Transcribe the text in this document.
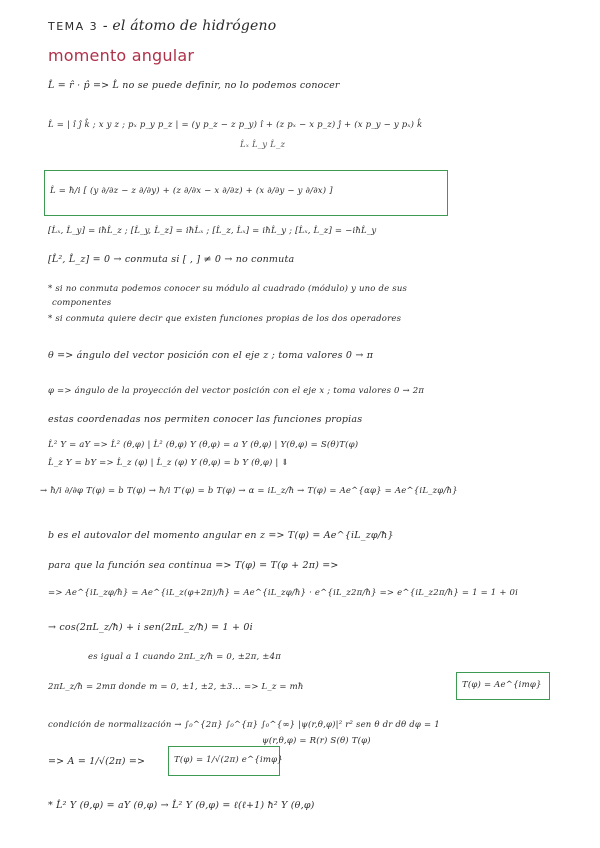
TEMA 3 - el átomo de hidrógeno
momento angular
L̂ = r̂ · p̂ => L̂ no se puede definir, no lo podemos conocer
L̂ = | î ĵ k̂ ; x y z ; pₓ p_y p_z | = (y p_z − z p_y) î + (z pₓ − x p_z) ĵ + (x p_y − y pₓ) k̂
L̂ₓ L̂_y L̂_z
L̂ = ħ/i [ (y ∂/∂z − z ∂/∂y) + (z ∂/∂x − x ∂/∂z) + (x ∂/∂y − y ∂/∂x) ]
[L̂ₓ, L̂_y] = iħL̂_z ; [L̂_y, L̂_z] = iħL̂ₓ ; [L̂_z, L̂ₓ] = iħL̂_y ; [L̂ₓ, L̂_z] = −iħL̂_y
[L̂², L̂_z] = 0 → conmuta si [ , ] ≠ 0 → no conmuta
* si no conmuta podemos conocer su módulo al cuadrado (módulo) y uno de sus
componentes
* si conmuta quiere decir que existen funciones propias de los dos operadores
θ => ángulo del vector posición con el eje z ; toma valores 0 → π
φ => ángulo de la proyección del vector posición con el eje x ; toma valores 0 → 2π
estas coordenadas nos permiten conocer las funciones propias
L̂² Y = aY => L̂² (θ,φ) | L̂² (θ,φ) Y (θ,φ) = a Y (θ,φ) | Y(θ,φ) = S(θ)T(φ)
L̂_z Y = bY => L̂_z (φ) | L̂_z (φ) Y (θ,φ) = b Y (θ,φ) | ⇓
→ ħ/i ∂/∂φ T(φ) = b T(φ) → ħ/i T′(φ) = b T(φ) → α = iL_z/ħ → T(φ) = Ae^{αφ} = Ae^{iL_zφ/ħ}
b es el autovalor del momento angular en z => T(φ) = Ae^{iL_zφ/ħ}
para que la función sea continua => T(φ) = T(φ + 2π) =>
=> Ae^{iL_zφ/ħ} = Ae^{iL_z(φ+2π)/ħ} = Ae^{iL_zφ/ħ} · e^{iL_z2π/ħ} => e^{iL_z2π/ħ} = 1 = 1 + 0i
→ cos(2πL_z/ħ) + i sen(2πL_z/ħ) = 1 + 0i
es igual a 1 cuando 2πL_z/ħ = 0, ±2π, ±4π
2πL_z/ħ = 2mπ donde m = 0, ±1, ±2, ±3... => L_z = mħ	T(φ) = Ae^{imφ}
condición de normalización → ∫₀^{2π} ∫₀^{π} ∫₀^{∞} |ψ(r,θ,φ)|² r² sen θ dr dθ dφ = 1
ψ(r,θ,φ) = R(r) S(θ) T(φ)
=> A = 1/√(2π) =>	T(φ) = 1/√(2π) e^{imφ}
* L̂² Y (θ,φ) = aY (θ,φ) → L̂² Y (θ,φ) = ℓ(ℓ+1) ħ² Y (θ,φ)
